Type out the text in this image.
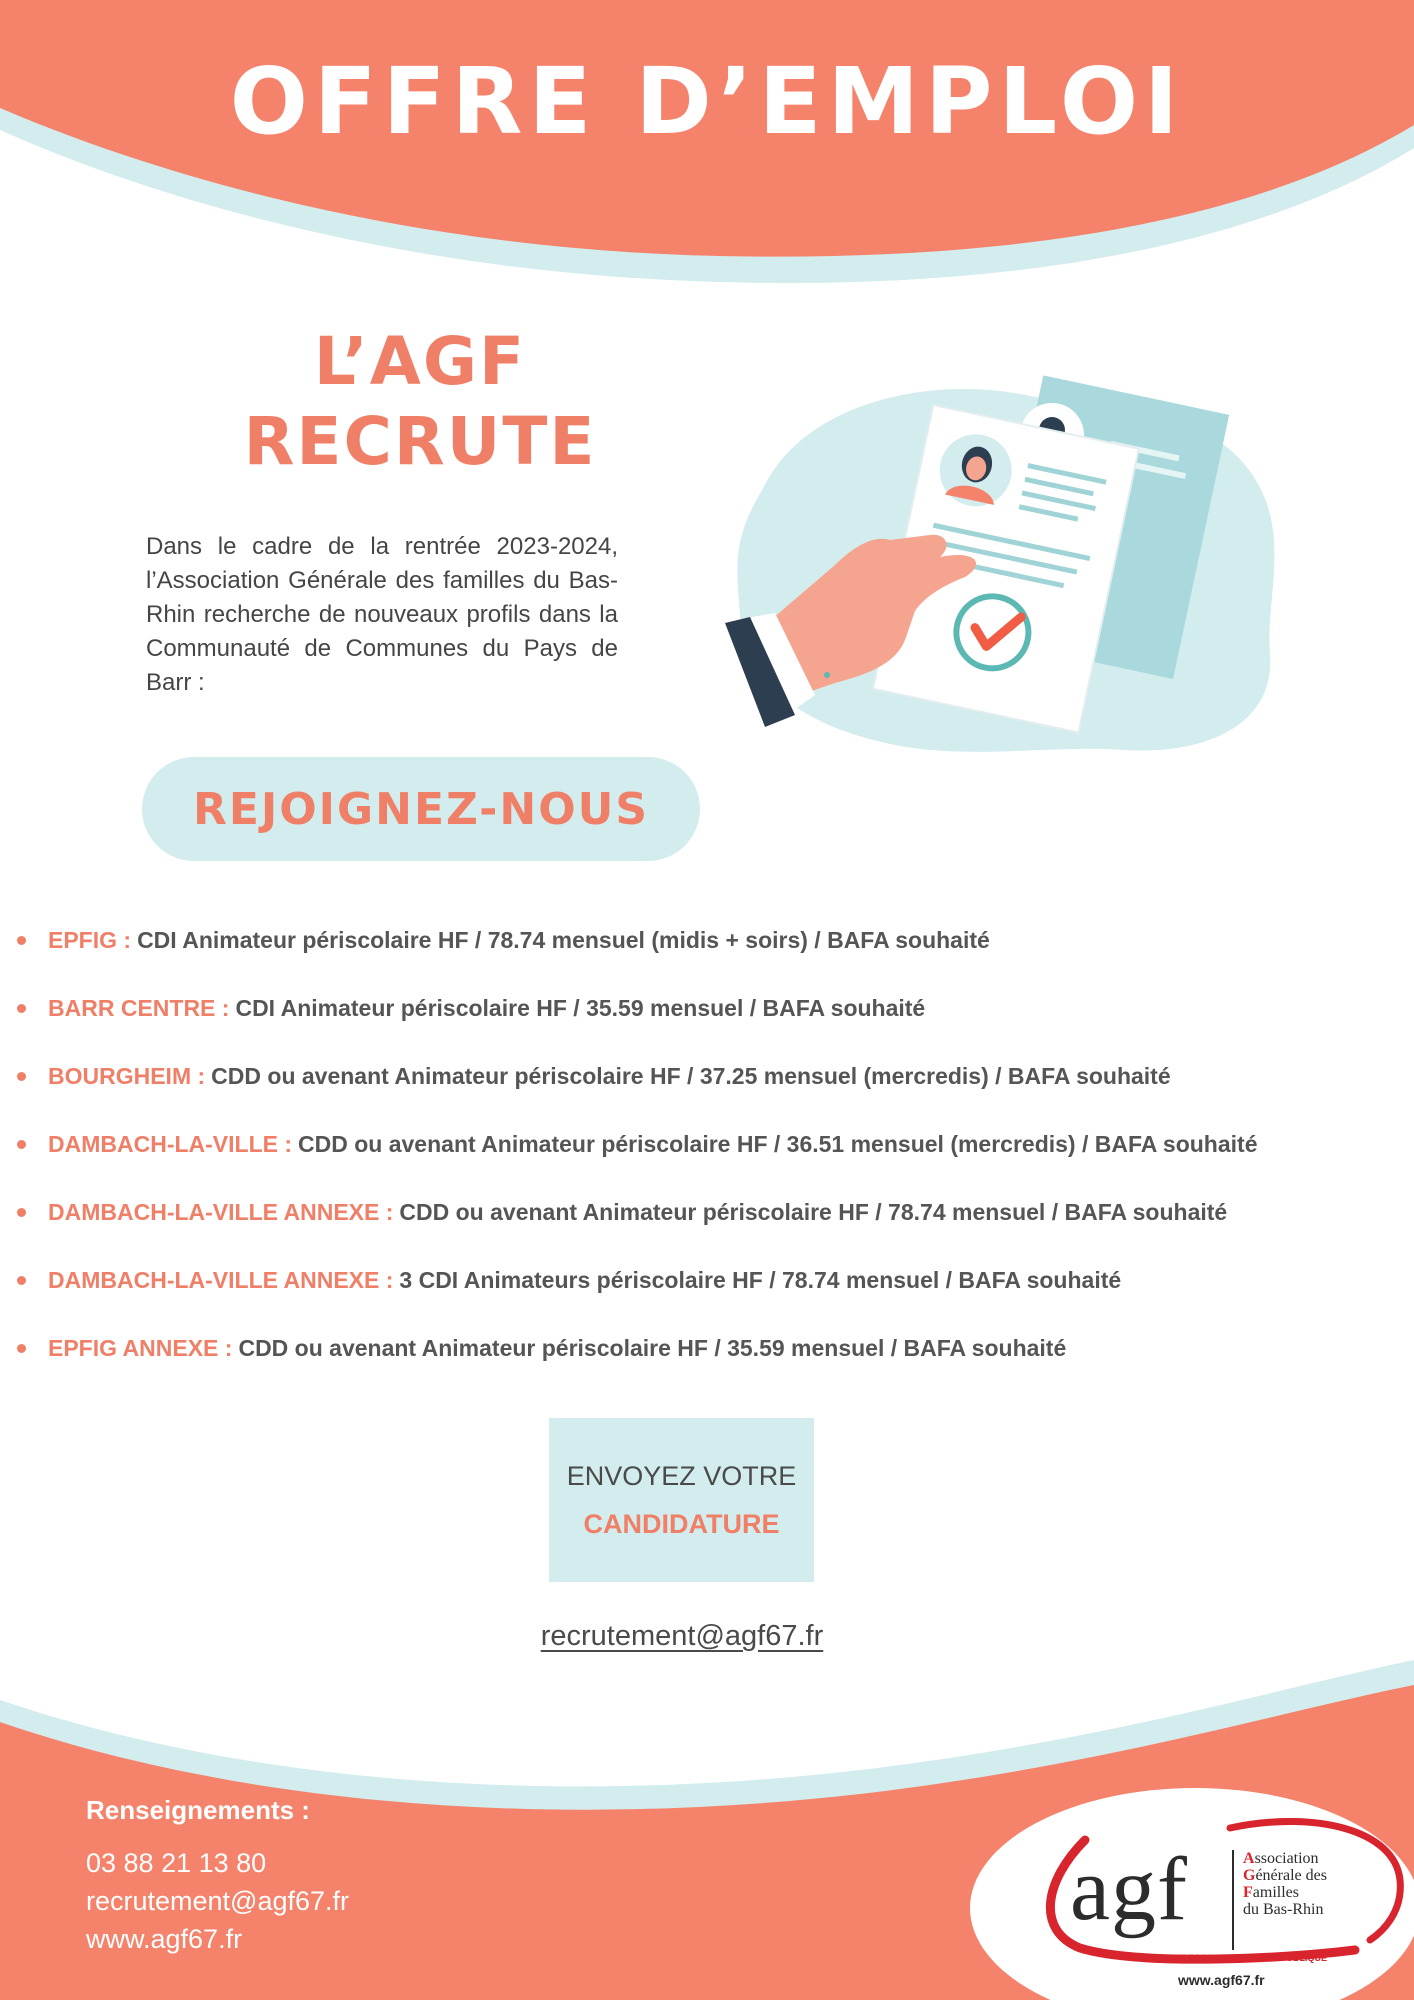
OFFRE D’EMPLOI
L’AGF
RECRUTE

Dans le cadre de la rentrée 2023-2024, l’Association Générale des familles du Bas-Rhin recherche de nouveaux profils dans la Communauté de Communes du Pays de Barr :

REJOIGNEZ-NOUS
EPFIG : CDI Animateur périscolaire HF / 78.74 mensuel (midis + soirs) / BAFA souhaité
BARR CENTRE : CDI Animateur périscolaire HF / 35.59 mensuel / BAFA souhaité
BOURGHEIM : CDD ou avenant Animateur périscolaire HF / 37.25 mensuel (mercredis) / BAFA souhaité
DAMBACH-LA-VILLE : CDD ou avenant Animateur périscolaire HF / 36.51 mensuel (mercredis) / BAFA souhaité
DAMBACH-LA-VILLE ANNEXE : CDD ou avenant Animateur périscolaire HF / 78.74 mensuel / BAFA souhaité
DAMBACH-LA-VILLE ANNEXE : 3 CDI Animateurs périscolaire HF / 78.74 mensuel / BAFA souhaité
EPFIG ANNEXE : CDD ou avenant Animateur périscolaire HF / 35.59 mensuel / BAFA souhaité
ENVOYEZ VOTRE
CANDIDATURE
recrutement@agf67.fr
Renseignements :
03 88 21 13 80
recrutement@agf67.fr
www.agf67.fr	agf	Association
Générale des
Familles
du Bas-Rhin
RECONNUE D’UTILITÉ PUBLIQUE
www.agf67.fr
